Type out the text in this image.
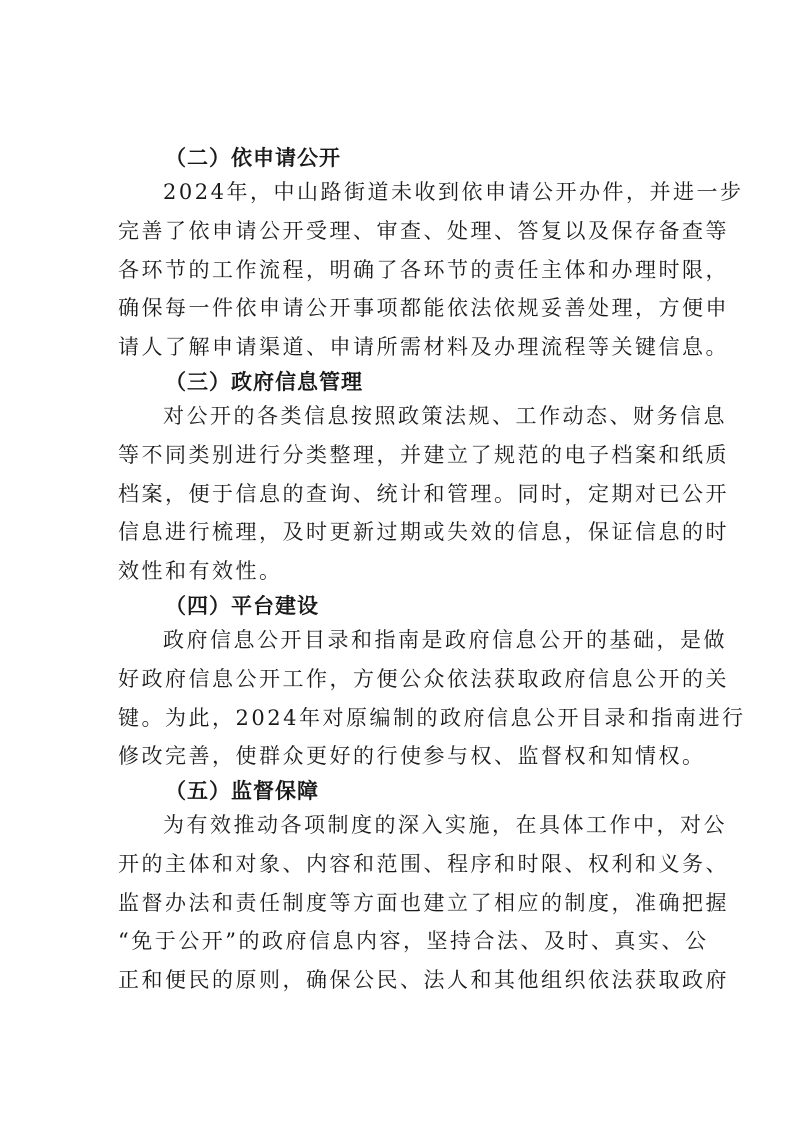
（二）依申请公开
2024年，中山路街道未收到依申请公开办件，并进一步
完善了依申请公开受理、审查、处理、答复以及保存备查等
各环节的工作流程，明确了各环节的责任主体和办理时限，
确保每一件依申请公开事项都能依法依规妥善处理，方便申
请人了解申请渠道、申请所需材料及办理流程等关键信息。
（三）政府信息管理
对公开的各类信息按照政策法规、工作动态、财务信息
等不同类别进行分类整理，并建立了规范的电子档案和纸质
档案，便于信息的查询、统计和管理。同时，定期对已公开
信息进行梳理，及时更新过期或失效的信息，保证信息的时
效性和有效性。
（四）平台建设
政府信息公开目录和指南是政府信息公开的基础，是做
好政府信息公开工作，方便公众依法获取政府信息公开的关
键。为此，2024年对原编制的政府信息公开目录和指南进行
修改完善，使群众更好的行使参与权、监督权和知情权。
（五）监督保障
为有效推动各项制度的深入实施，在具体工作中，对公
开的主体和对象、内容和范围、程序和时限、权利和义务、
监督办法和责任制度等方面也建立了相应的制度，准确把握
“免于公开”的政府信息内容，坚持合法、及时、真实、公
正和便民的原则，确保公民、法人和其他组织依法获取政府
